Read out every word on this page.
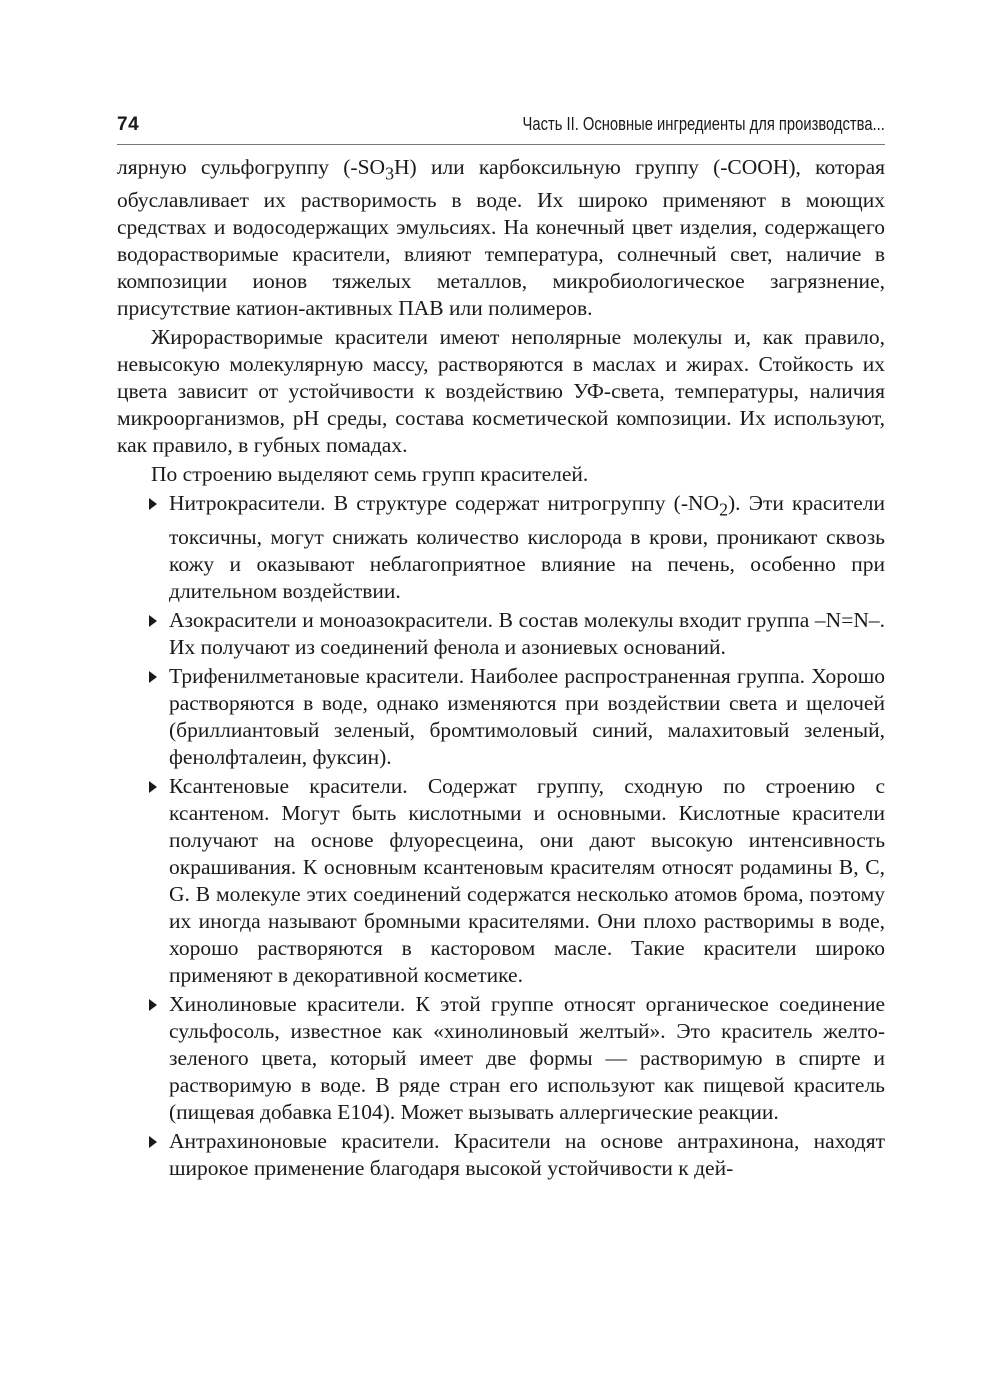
74	Часть II. Основные ингредиенты для производства...

лярную сульфогруппу $(-SO_3H)$ или карбоксильную группу (-COOH), которая обуславливает их растворимость в воде. Их широко применяют в моющих средствах и водосодержащих эмульсиях. На конечный цвет изделия, содержащего водорастворимые красители, влияют температура, солнечный свет, наличие в композиции ионов тяжелых металлов, микробиологическое загрязнение, присутствие катион-активных ПАВ или полимеров.

Жирорастворимые красители имеют неполярные молекулы и, как правило, невысокую молекулярную массу, растворяются в маслах и жирах. Стойкость их цвета зависит от устойчивости к воздействию УФ-света, температуры, наличия микроорганизмов, pH среды, состава косметической композиции. Их используют, как правило, в губных помадах.

По строению выделяют семь групп красителей.

Нитрокрасители. В структуре содержат нитрогруппу $(-NO_2)$. Эти красители токсичны, могут снижать количество кислорода в крови, проникают сквозь кожу и оказывают неблагоприятное влияние на печень, особенно при длительном воздействии.
Азокрасители и моноазокрасители. В состав молекулы входит группа –N=N–. Их получают из соединений фенола и азониевых оснований.
Трифенилметановые красители. Наиболее распространенная группа. Хорошо растворяются в воде, однако изменяются при воздействии света и щелочей (бриллиантовый зеленый, бромтимоловый синий, малахитовый зеленый, фенолфталеин, фуксин).
Ксантеновые красители. Содержат группу, сходную по строению с ксантеном. Могут быть кислотными и основными. Кислотные красители получают на основе флуоресцеина, они дают высокую интенсивность окрашивания. К основным ксантеновым красителям относят родамины B, C, G. В молекуле этих соединений содержатся несколько атомов брома, поэтому их иногда называют бромными красителями. Они плохо растворимы в воде, хорошо растворяются в касторовом масле. Такие красители широко применяют в декоративной косметике.
Хинолиновые красители. К этой группе относят органическое соединение сульфосоль, известное как «хинолиновый желтый». Это краситель желто-зеленого цвета, который имеет две формы — растворимую в спирте и растворимую в воде. В ряде стран его используют как пищевой краситель (пищевая добавка E104). Может вызывать аллергические реакции.
Антрахиноновые красители. Красители на основе антрахинона, находят широкое применение благодаря высокой устойчивости к дей-
